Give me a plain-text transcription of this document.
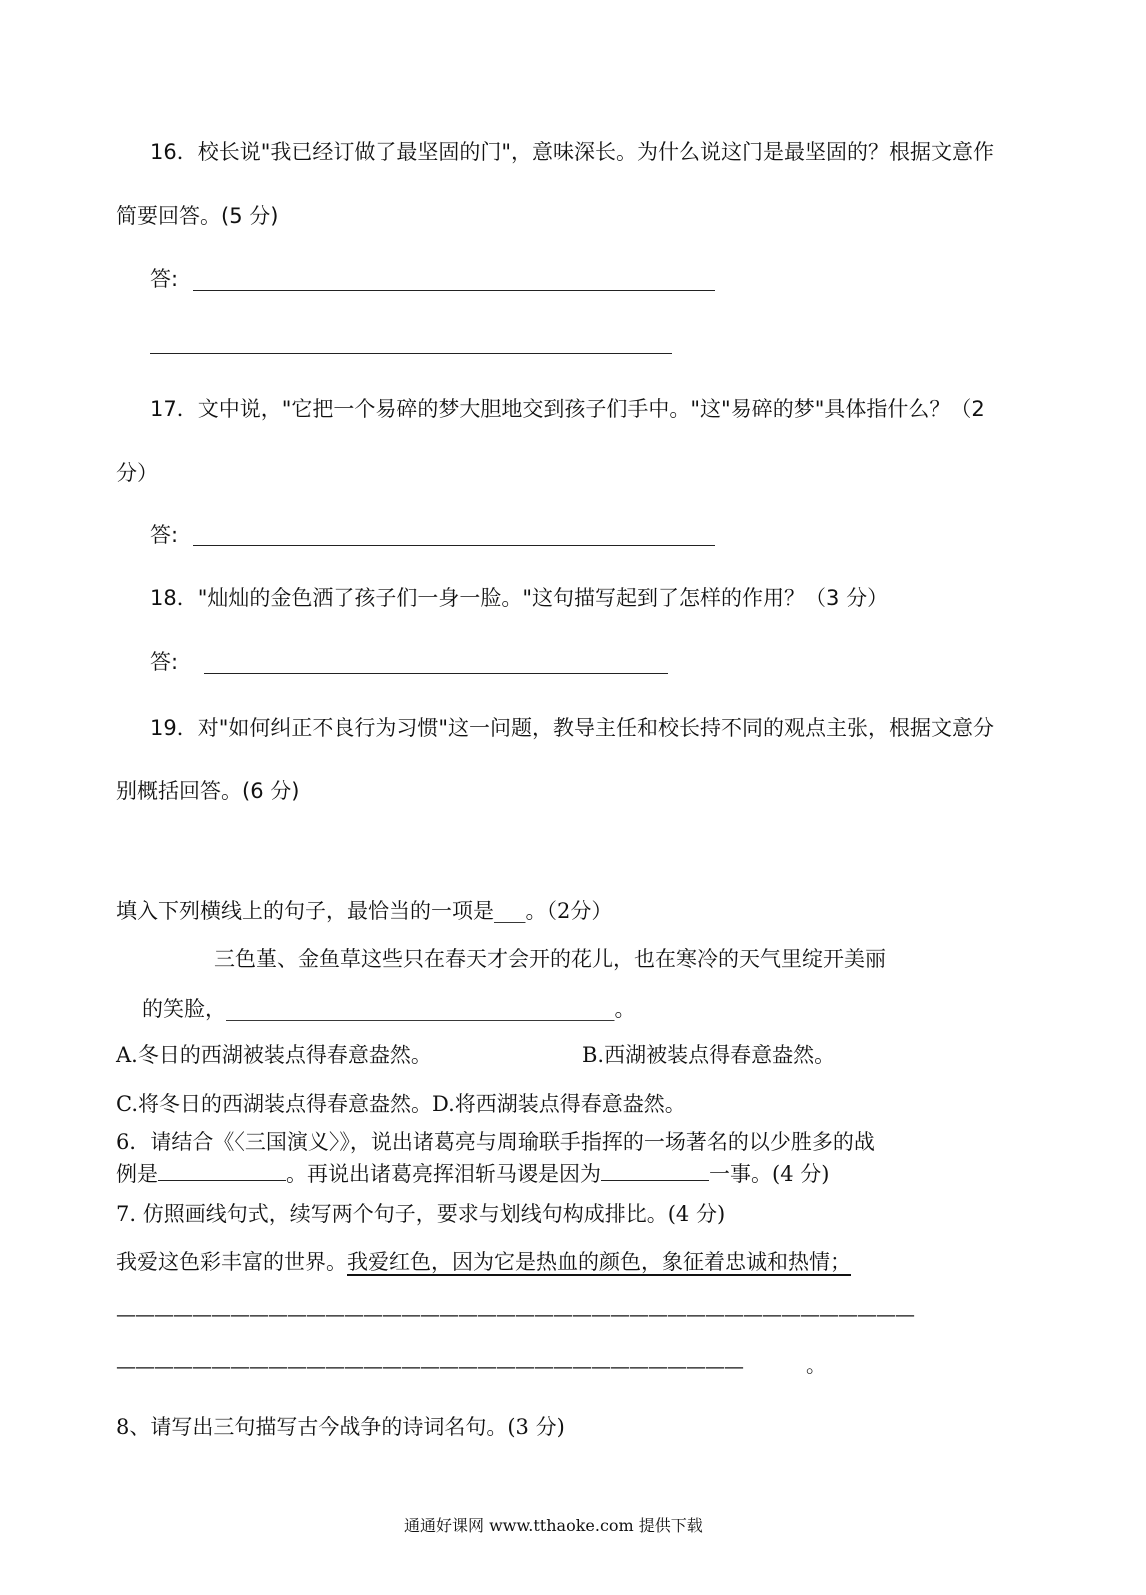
16．校长说"我已经订做了最坚固的门"，意味深长。为什么说这门是最坚固的？根据文意作
简要回答。(5 分)
答:
17．文中说，"它把一个易碎的梦大胆地交到孩子们手中。"这"易碎的梦"具体指什么？（2
分）
答:
18．"灿灿的金色洒了孩子们一身一脸。"这句描写起到了怎样的作用？（3 分）
答:
19．对"如何纠正不良行为习惯"这一问题，教导主任和校长持不同的观点主张，根据文意分
别概括回答。(6 分)
填入下列横线上的句子，最恰当的一项是___。（2分）
三色堇、金鱼草这些只在春天才会开的花儿，也在寒冷的天气里绽开美丽
的笑脸，_____________________________________。
A.冬日的西湖被装点得春意盎然。	B.西湖被装点得春意盎然。
C.将冬日的西湖装点得春意盎然。D.将西湖装点得春意盎然。
6．请结合《〈三国演义〉》，说出诸葛亮与周瑜联手指挥的一场著名的以少胜多的战
例是	。再说出诸葛亮挥泪斩马谡是因为	一事。(4 分)
7. 仿照画线句式，续写两个句子，要求与划线句构成排比。(4 分)
我爱这色彩丰富的世界。我爱红色，因为它是热血的颜色，象征着忠诚和热情；
——————————————————————————————————————————
—————————————————————————————————	。
8、请写出三句描写古今战争的诗词名句。(3 分)
通通好课网 www.tthaoke.com 提供下载
